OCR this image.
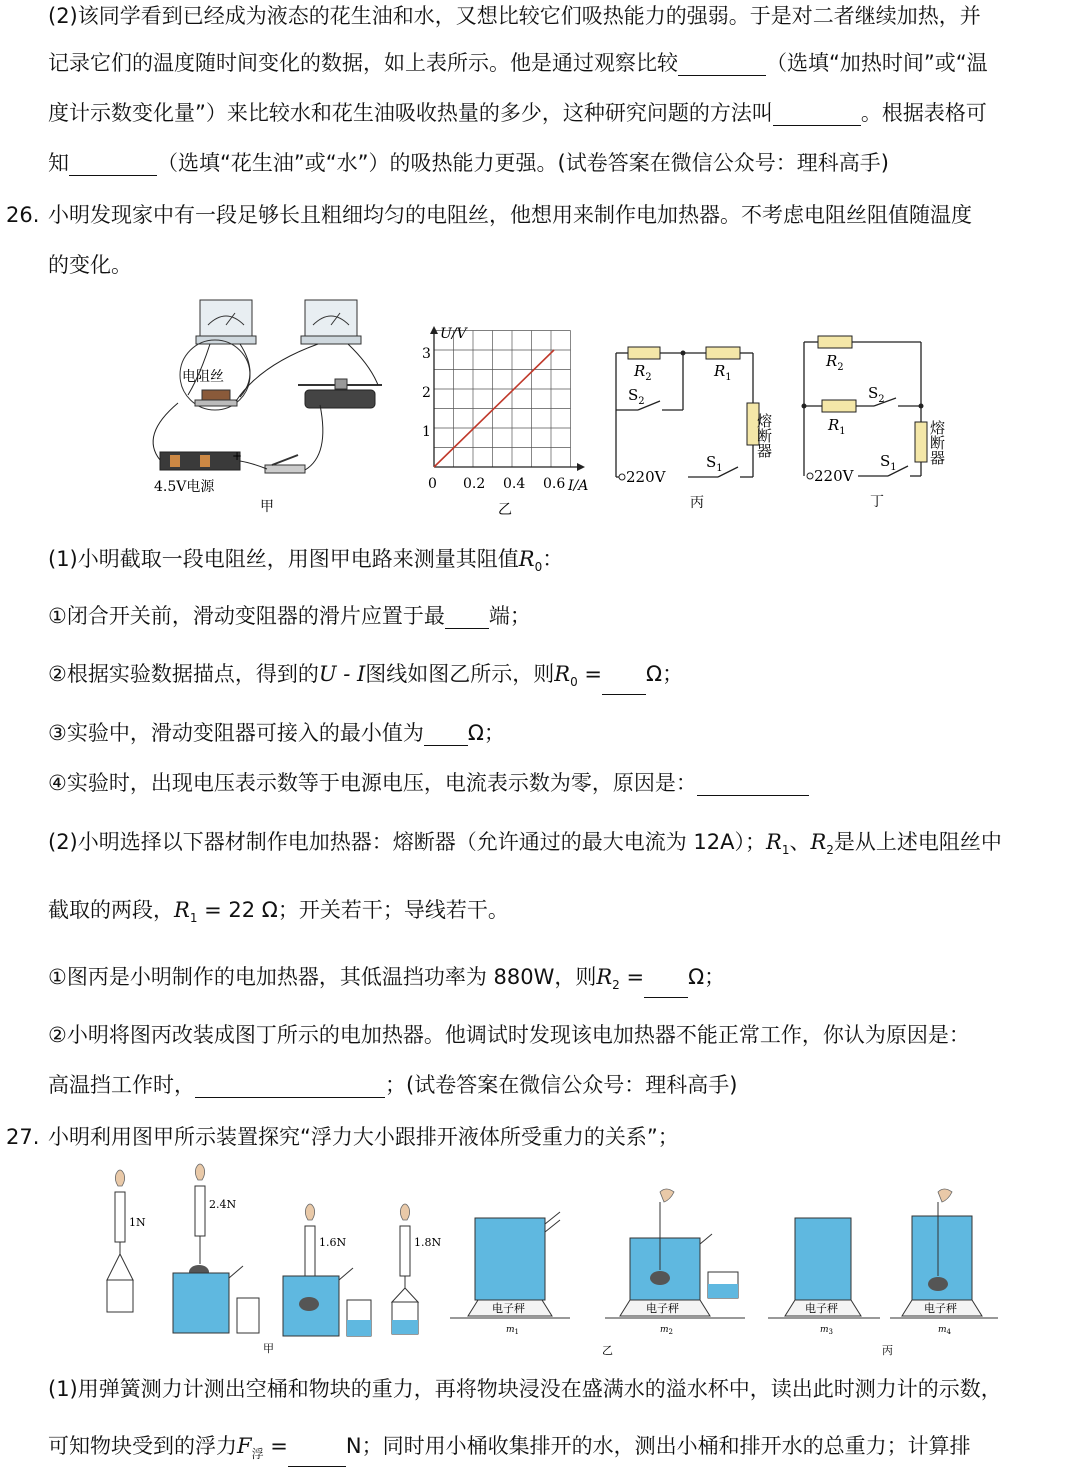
(2)该同学看到已经成为液态的花生油和水，又想比较它们吸热能力的强弱。于是对二者继续加热，并
记录它们的温度随时间变化的数据，如上表所示。他是通过观察比较	（选填“加热时间”或“温
度计示数变化量”）来比较水和花生油吸收热量的多少，这种研究问题的方法叫	。根据表格可
知	（选填“花生油”或“水”）的吸热能力更强。(试卷答案在微信公众号：理科高手)
26. 小明发现家中有一段足够长且粗细均匀的电阻丝，他想用来制作电加热器。不考虑电阻丝阻值随温度
的变化。
电阻丝
+
4.5V电源
甲
U/V
3
2
1
0 0.2 0.4 0.6 I/A
乙
$R_2$	$R_1$
$S_2$
$S_1$
220V
熔断器
丙
$R_2$
$R_1$
$S_2$
$S_1$
220V
熔断器
丁
(1)小明截取一段电阻丝，用图甲电路来测量其阻值$R_0$：
①闭合开关前，滑动变阻器的滑片应置于最 端；
②根据实验数据描点，得到的U - I图线如图乙所示，则$R_0 = \Omega$；
③实验中，滑动变阻器可接入的最小值为 Ω；
④实验时，出现电压表示数等于电源电压，电流表示数为零，原因是：
(2)小明选择以下器材制作电加热器：熔断器（允许通过的最大电流为 12A）；$R_1$、$R_2$是从上述电阻丝中
截取的两段，$R_1 = 22$ Ω；开关若干；导线若干。
①图丙是小明制作的电加热器，其低温挡功率为 880W，则$R_2 = \Omega$；
②小明将图丙改装成图丁所示的电加热器。他调试时发现该电加热器不能正常工作，你认为原因是：
高温挡工作时，	；(试卷答案在微信公众号：理科高手)
27. 小明利用图甲所示装置探究“浮力大小跟排开液体所受重力的关系”；
1N
2.4N
1.6N	1.8N
甲
电子秤	电子秤	电子秤	电子秤
$m_1$	$m_2$	$m_3$	$m_4$
乙	丙
(1)用弹簧测力计测出空桶和物块的重力，再将物块浸没在盛满水的溢水杯中，读出此时测力计的示数，
可知物块受到的浮力$F_浮$ =	N；同时用小桶收集排开的水，测出小桶和排开水的总重力；计算排
